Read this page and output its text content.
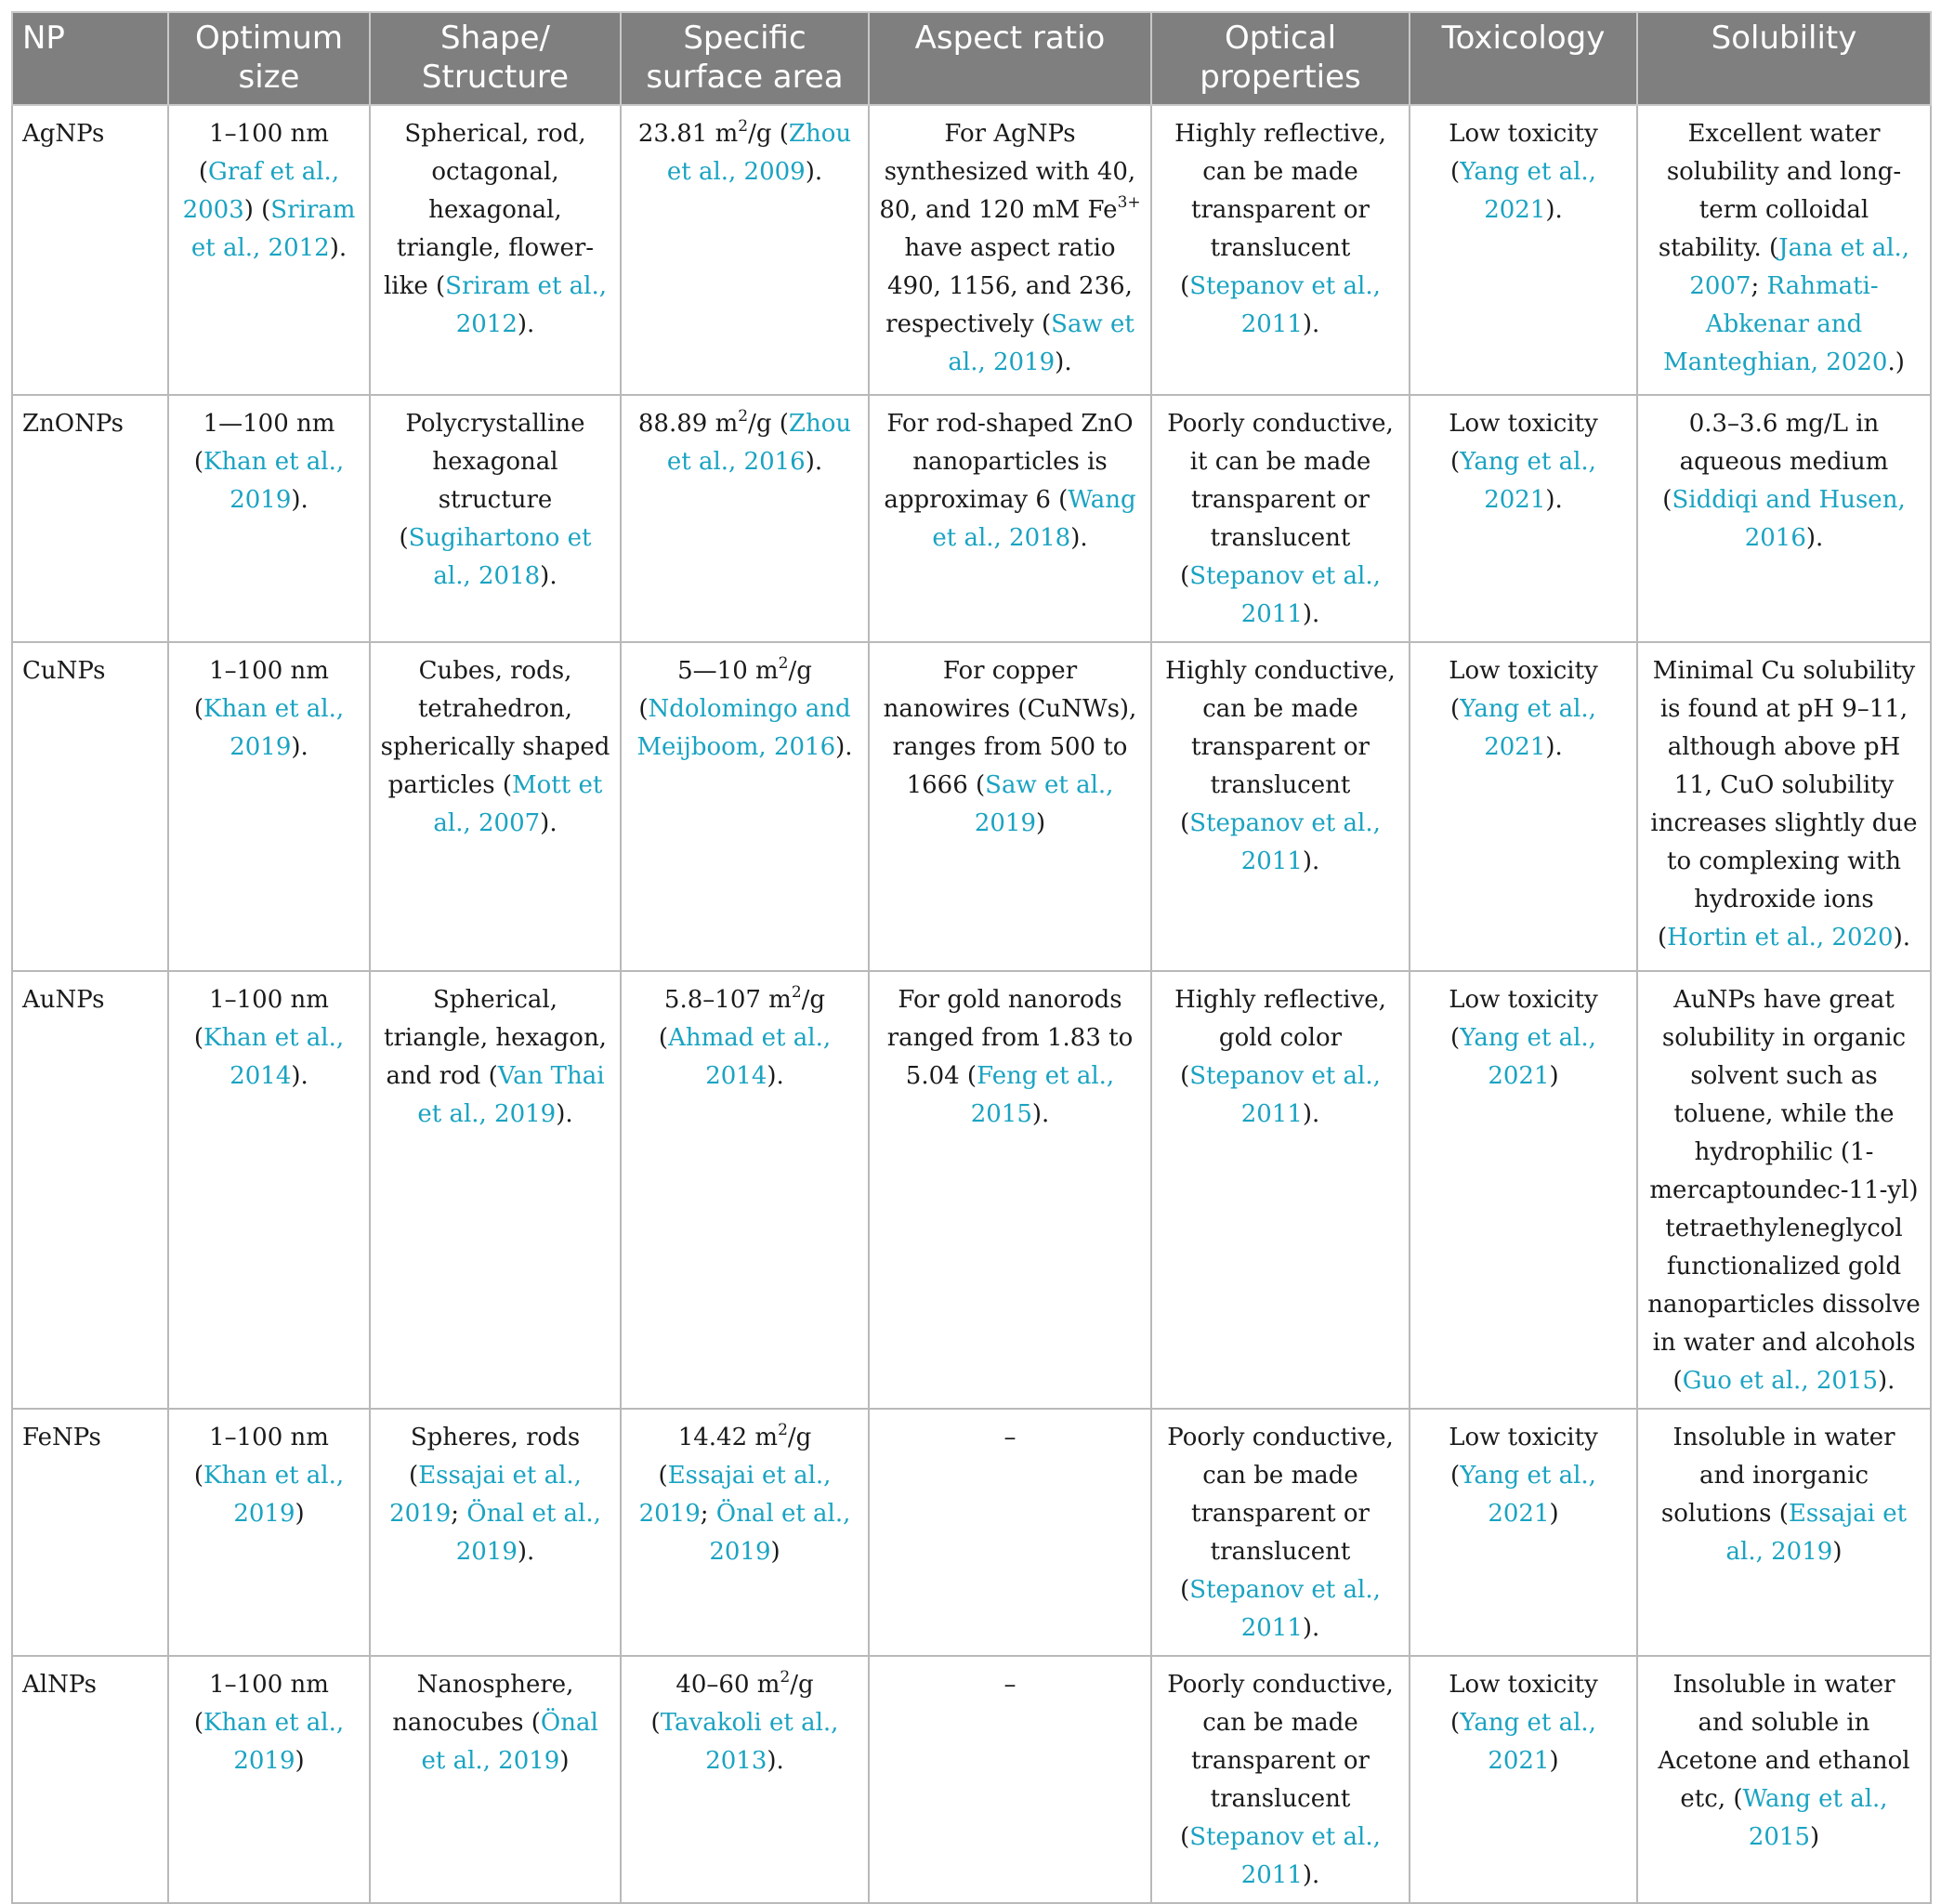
NP	Optimum size	Shape/ Structure	Specific surface area	Aspect ratio	Optical properties	Toxicology	Solubility
AgNPs	1–100 nm (Graf et al., 2003) (Sriram et al., 2012).	Spherical, rod, octagonal, hexagonal, triangle, flower-like (Sriram et al., 2012).	23.81 $m^2/g$ (Zhou et al., 2009).	For AgNPs synthesized with 40, 80, and 120 mM $Fe^{3+}$ have aspect ratio 490, 1156, and 236, respectively (Saw et al., 2019).	Highly reflective, can be made transparent or translucent (Stepanov et al., 2011).	Low toxicity (Yang et al., 2021).	Excellent water solubility and long-term colloidal stability. (Jana et al., 2007; Rahmati-Abkenar and Manteghian, 2020.)
ZnONPs	1—100 nm (Khan et al., 2019).	Polycrystalline hexagonal structure (Sugihartono et al., 2018).	88.89 $m^2/g$ (Zhou et al., 2016).	For rod-shaped ZnO nanoparticles is approximay 6 (Wang et al., 2018).	Poorly conductive, it can be made transparent or translucent (Stepanov et al., 2011).	Low toxicity (Yang et al., 2021).	0.3–3.6 mg/L in aqueous medium (Siddiqi and Husen, 2016).
CuNPs	1–100 nm (Khan et al., 2019).	Cubes, rods, tetrahedron, spherically shaped particles (Mott et al., 2007).	5—10 $m^2/g$ (Ndolomingo and Meijboom, 2016).	For copper nanowires (CuNWs), ranges from 500 to 1666 (Saw et al., 2019)	Highly conductive, can be made transparent or translucent (Stepanov et al., 2011).	Low toxicity (Yang et al., 2021).	Minimal Cu solubility is found at pH 9–11, although above pH 11, CuO solubility increases slightly due to complexing with hydroxide ions (Hortin et al., 2020).
AuNPs	1–100 nm (Khan et al., 2014).	Spherical, triangle, hexagon, and rod (Van Thai et al., 2019).	5.8–107 $m^2/g$ (Ahmad et al., 2014).	For gold nanorods ranged from 1.83 to 5.04 (Feng et al., 2015).	Highly reflective, gold color (Stepanov et al., 2011).	Low toxicity (Yang et al., 2021)	AuNPs have great solubility in organic solvent such as toluene, while the hydrophilic (1-mercaptoundec-11-yl) tetraethyleneglycol functionalized gold nanoparticles dissolve in water and alcohols (Guo et al., 2015).
FeNPs	1–100 nm (Khan et al., 2019)	Spheres, rods (Essajai et al., 2019; Önal et al., 2019).	14.42 $m^2/g$ (Essajai et al., 2019; Önal et al., 2019)	–	Poorly conductive, can be made transparent or translucent (Stepanov et al., 2011).	Low toxicity (Yang et al., 2021)	Insoluble in water and inorganic solutions (Essajai et al., 2019)
AlNPs	1–100 nm (Khan et al., 2019)	Nanosphere, nanocubes (Önal et al., 2019)	40–60 $m^2/g$ (Tavakoli et al., 2013).	–	Poorly conductive, can be made transparent or translucent (Stepanov et al., 2011).	Low toxicity (Yang et al., 2021)	Insoluble in water and soluble in Acetone and ethanol etc, (Wang et al., 2015)
